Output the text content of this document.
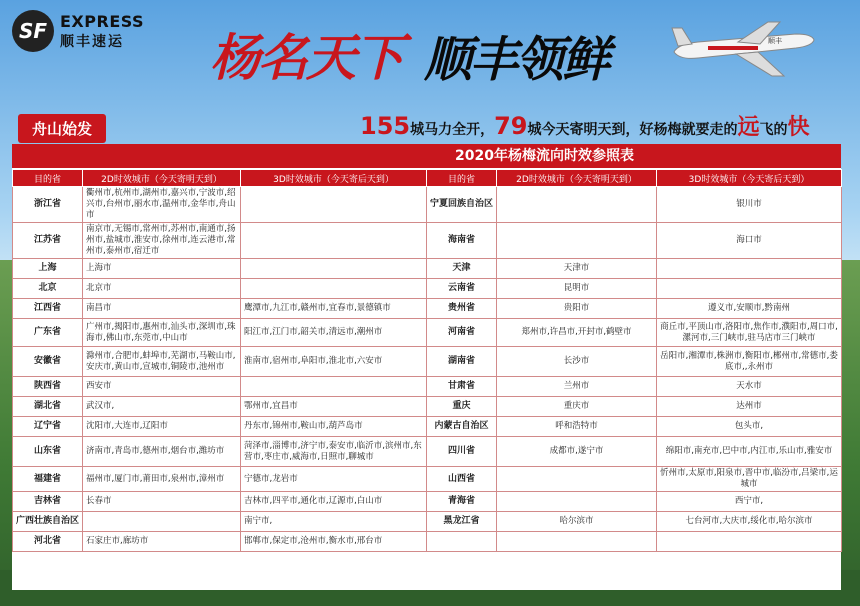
SF EXPRESS
顺丰速运	杨名天下 顺丰领鲜	顺丰
舟山始发	155城马力全开，79城今天寄明天到，好杨梅就要走的远飞的快
2020年杨梅流向时效参照表
目的省	2D时效城市（今天寄明天到）	3D时效城市（今天寄后天到）	目的省	2D时效城市（今天寄明天到）	3D时效城市（今天寄后天到）
浙江省	衢州市,杭州市,湖州市,嘉兴市,宁波市,绍兴市,台州市,丽水市,温州市,金华市,舟山市		宁夏回族自治区		银川市
江苏省	南京市,无锡市,常州市,苏州市,南通市,扬州市,盐城市,淮安市,徐州市,连云港市,常州市,泰州市,宿迁市		海南省		海口市
上海	上海市		天津	天津市	
北京	北京市		云南省	昆明市	
江西省	南昌市	鹰潭市,九江市,赣州市,宜春市,景德镇市	贵州省	贵阳市	遵义市,安顺市,黔南州
广东省	广州市,揭阳市,惠州市,汕头市,深圳市,珠海市,佛山市,东莞市,中山市	阳江市,江门市,韶关市,清远市,潮州市	河南省	郑州市,许昌市,开封市,鹤壁市	商丘市,平顶山市,洛阳市,焦作市,濮阳市,周口市,漯河市,三门峡市,驻马店市三门峡市
安徽省	滁州市,合肥市,蚌埠市,芜湖市,马鞍山市,安庆市,黄山市,宣城市,铜陵市,池州市	淮南市,宿州市,阜阳市,淮北市,六安市	湖南省	长沙市	岳阳市,湘潭市,株洲市,衡阳市,郴州市,常德市,娄底市,,永州市
陕西省	西安市		甘肃省	兰州市	天水市
湖北省	武汉市,	鄂州市,宜昌市	重庆	重庆市	达州市
辽宁省	沈阳市,大连市,辽阳市	丹东市,锦州市,鞍山市,葫芦岛市	内蒙古自治区	呼和浩特市	包头市,
山东省	济南市,青岛市,德州市,烟台市,潍坊市	菏泽市,淄博市,济宁市,泰安市,临沂市,滨州市,东营市,枣庄市,威海市,日照市,聊城市	四川省	成都市,遂宁市	绵阳市,南充市,巴中市,内江市,乐山市,雅安市
福建省	福州市,厦门市,莆田市,泉州市,漳州市	宁德市,龙岩市	山西省		忻州市,太原市,阳泉市,晋中市,临汾市,吕梁市,运城市
吉林省	长春市	吉林市,四平市,通化市,辽源市,白山市	青海省		西宁市,
广西壮族自治区		南宁市,	黑龙江省	哈尔滨市	七台河市,大庆市,绥化市,哈尔滨市
河北省	石家庄市,廊坊市	邯郸市,保定市,沧州市,衡水市,邢台市			
